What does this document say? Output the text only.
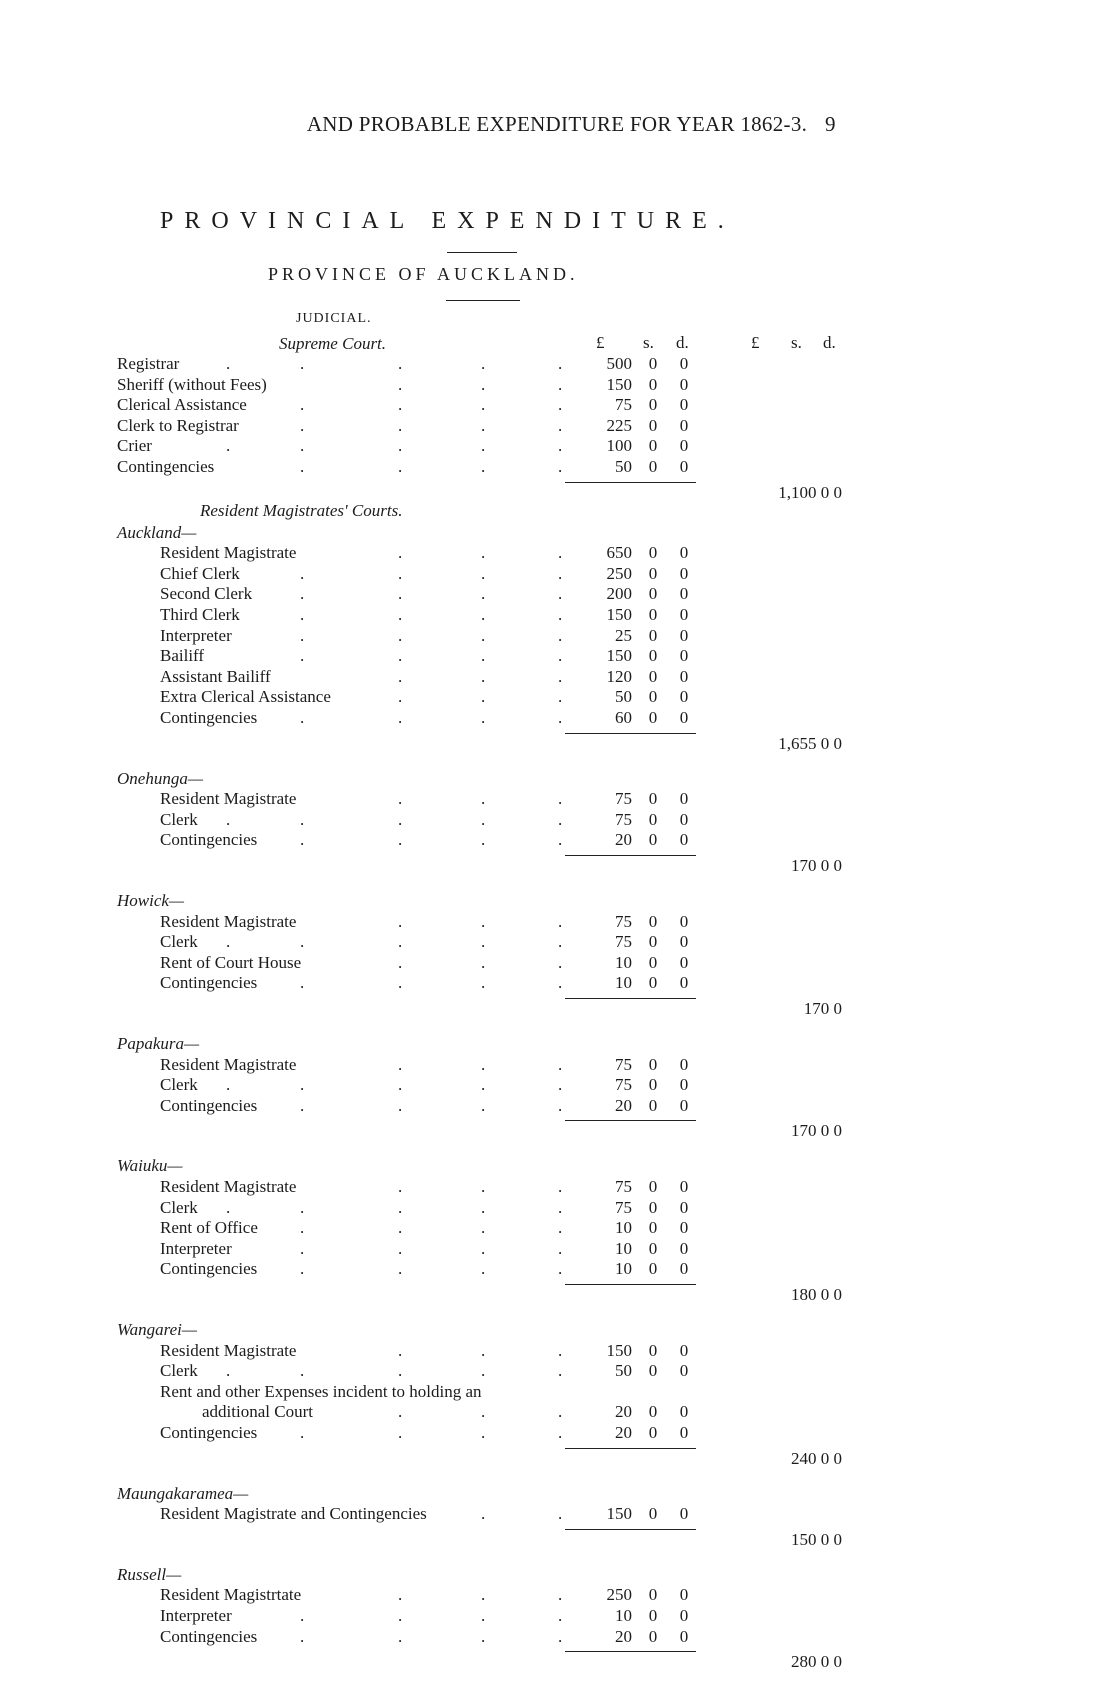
AND PROBABLE EXPENDITURE FOR YEAR 1862-3. 9
PROVINCIAL EXPENDITURE.
PROVINCE OF AUCKLAND.
JUDICIAL.
Supreme Court.	£ s. d.	£ s. d.
Registrar	.	.	.	.	.	500 0 0
Sheriff (without Fees)	.	.	.	150 0 0
Clerical Assistance	.	.	.	.	75 0 0
Clerk to Registrar	.	.	.	.	225 0 0
Crier	.	.	.	.	.	100 0 0
Contingencies	.	.	.	.	50 0 0
1,100 0 0
Resident Magistrates' Courts.
Auckland—
Resident Magistrate	.	.	.	650 0 0
Chief Clerk	.	.	.	.	250 0 0
Second Clerk	.	.	.	.	200 0 0
Third Clerk	.	.	.	.	150 0 0
Interpreter	.	.	.	.	25 0 0
Bailiff	.	.	.	.	150 0 0
Assistant Bailiff	.	.	.	120 0 0
Extra Clerical Assistance	.	.	.	50 0 0
Contingencies	.	.	.	.	60 0 0
1,655 0 0
Onehunga—
Resident Magistrate	.	.	.	75 0 0
Clerk .	.	.	.	.	75 0 0
Contingencies	.	.	.	.	20 0 0
170 0 0
Howick—
Resident Magistrate	.	.	.	75 0 0
Clerk .	.	.	.	.	75 0 0
Rent of Court House	.	.	.	10 0 0
Contingencies	.	.	.	.	10 0 0
170 0
Papakura—
Resident Magistrate	.	.	.	75 0 0
Clerk .	.	.	.	.	75 0 0
Contingencies	.	.	.	.	20 0 0
170 0 0
Waiuku—
Resident Magistrate	.	.	.	75 0 0
Clerk .	.	.	.	.	75 0 0
Rent of Office .	.	.	.	10 0 0
Interpreter	.	.	.	.	10 0 0
Contingencies	.	.	.	.	10 0 0
180 0 0
Wangarei—
Resident Magistrate	.	.	.	150 0 0
Clerk .	.	.	.	.	50 0 0
Rent and other Expenses incident to holding an
additional Court	.	.	.	20 0 0
Contingencies	.	.	.	.	20 0 0
240 0 0
Maungakaramea—
Resident Magistrate and Contingencies	.	.	150 0 0
150 0 0
Russell—
Resident Magistrtate	.	.	.	250 0 0
Interpreter	.	.	.	.	10 0 0
Contingencies	.	.	.	.	20 0 0
280 0 0
